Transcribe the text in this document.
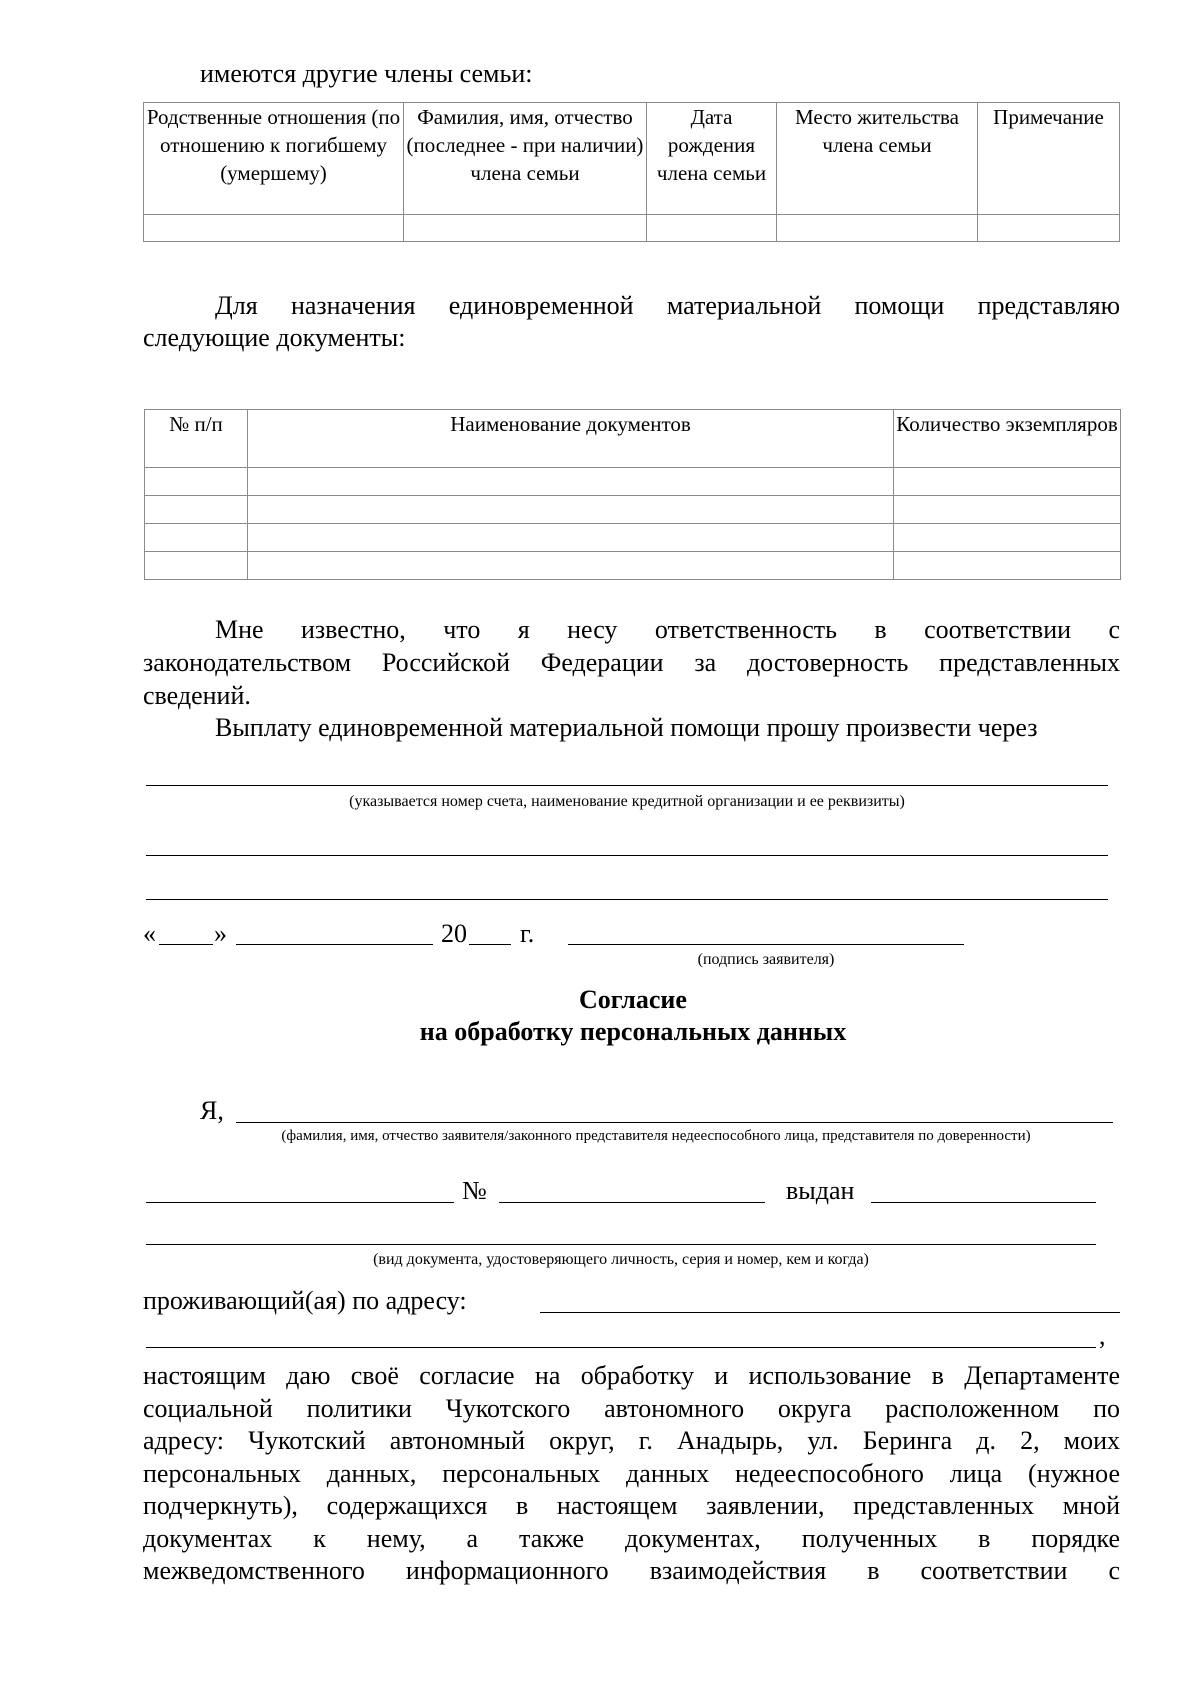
имеются другие члены семьи:

Родственные отношения (по отношению к погибшему (умершему)	Фамилия, имя, отчество (последнее - при наличии) члена семьи	Дата рождения члена семьи	Место жительства члена семьи	Примечание

Для назначения единовременной материальной помощи представляю

следующие документы:

№ п/п	Наименование документов	Количество экземпляров

Мне известно, что я несу ответственность в соответствии с

законодательством Российской Федерации за достоверность представленных

сведений.

Выплату единовременной материальной помощи прошу произвести через

(указывается номер счета, наименование кредитной организации и ее реквизиты)

« »	20 г.

(подпись заявителя)

Согласие

на обработку персональных данных

Я,

(фамилия, имя, отчество заявителя/законного представителя недееспособного лица, представителя по доверенности)

№	выдан

(вид документа, удостоверяющего личность, серия и номер, кем и когда)

проживающий(ая) по адресу:
,
настоящим даю своё согласие на обработку и использование в Департаменте
социальной политики Чукотского автономного округа расположенном по
адресу: Чукотский автономный округ, г. Анадырь, ул. Беринга д. 2, моих
персональных данных, персональных данных недееспособного лица (нужное
подчеркнуть), содержащихся в настоящем заявлении, представленных мной
документах к нему, а также документах, полученных в порядке
межведомственного информационного взаимодействия в соответствии с
